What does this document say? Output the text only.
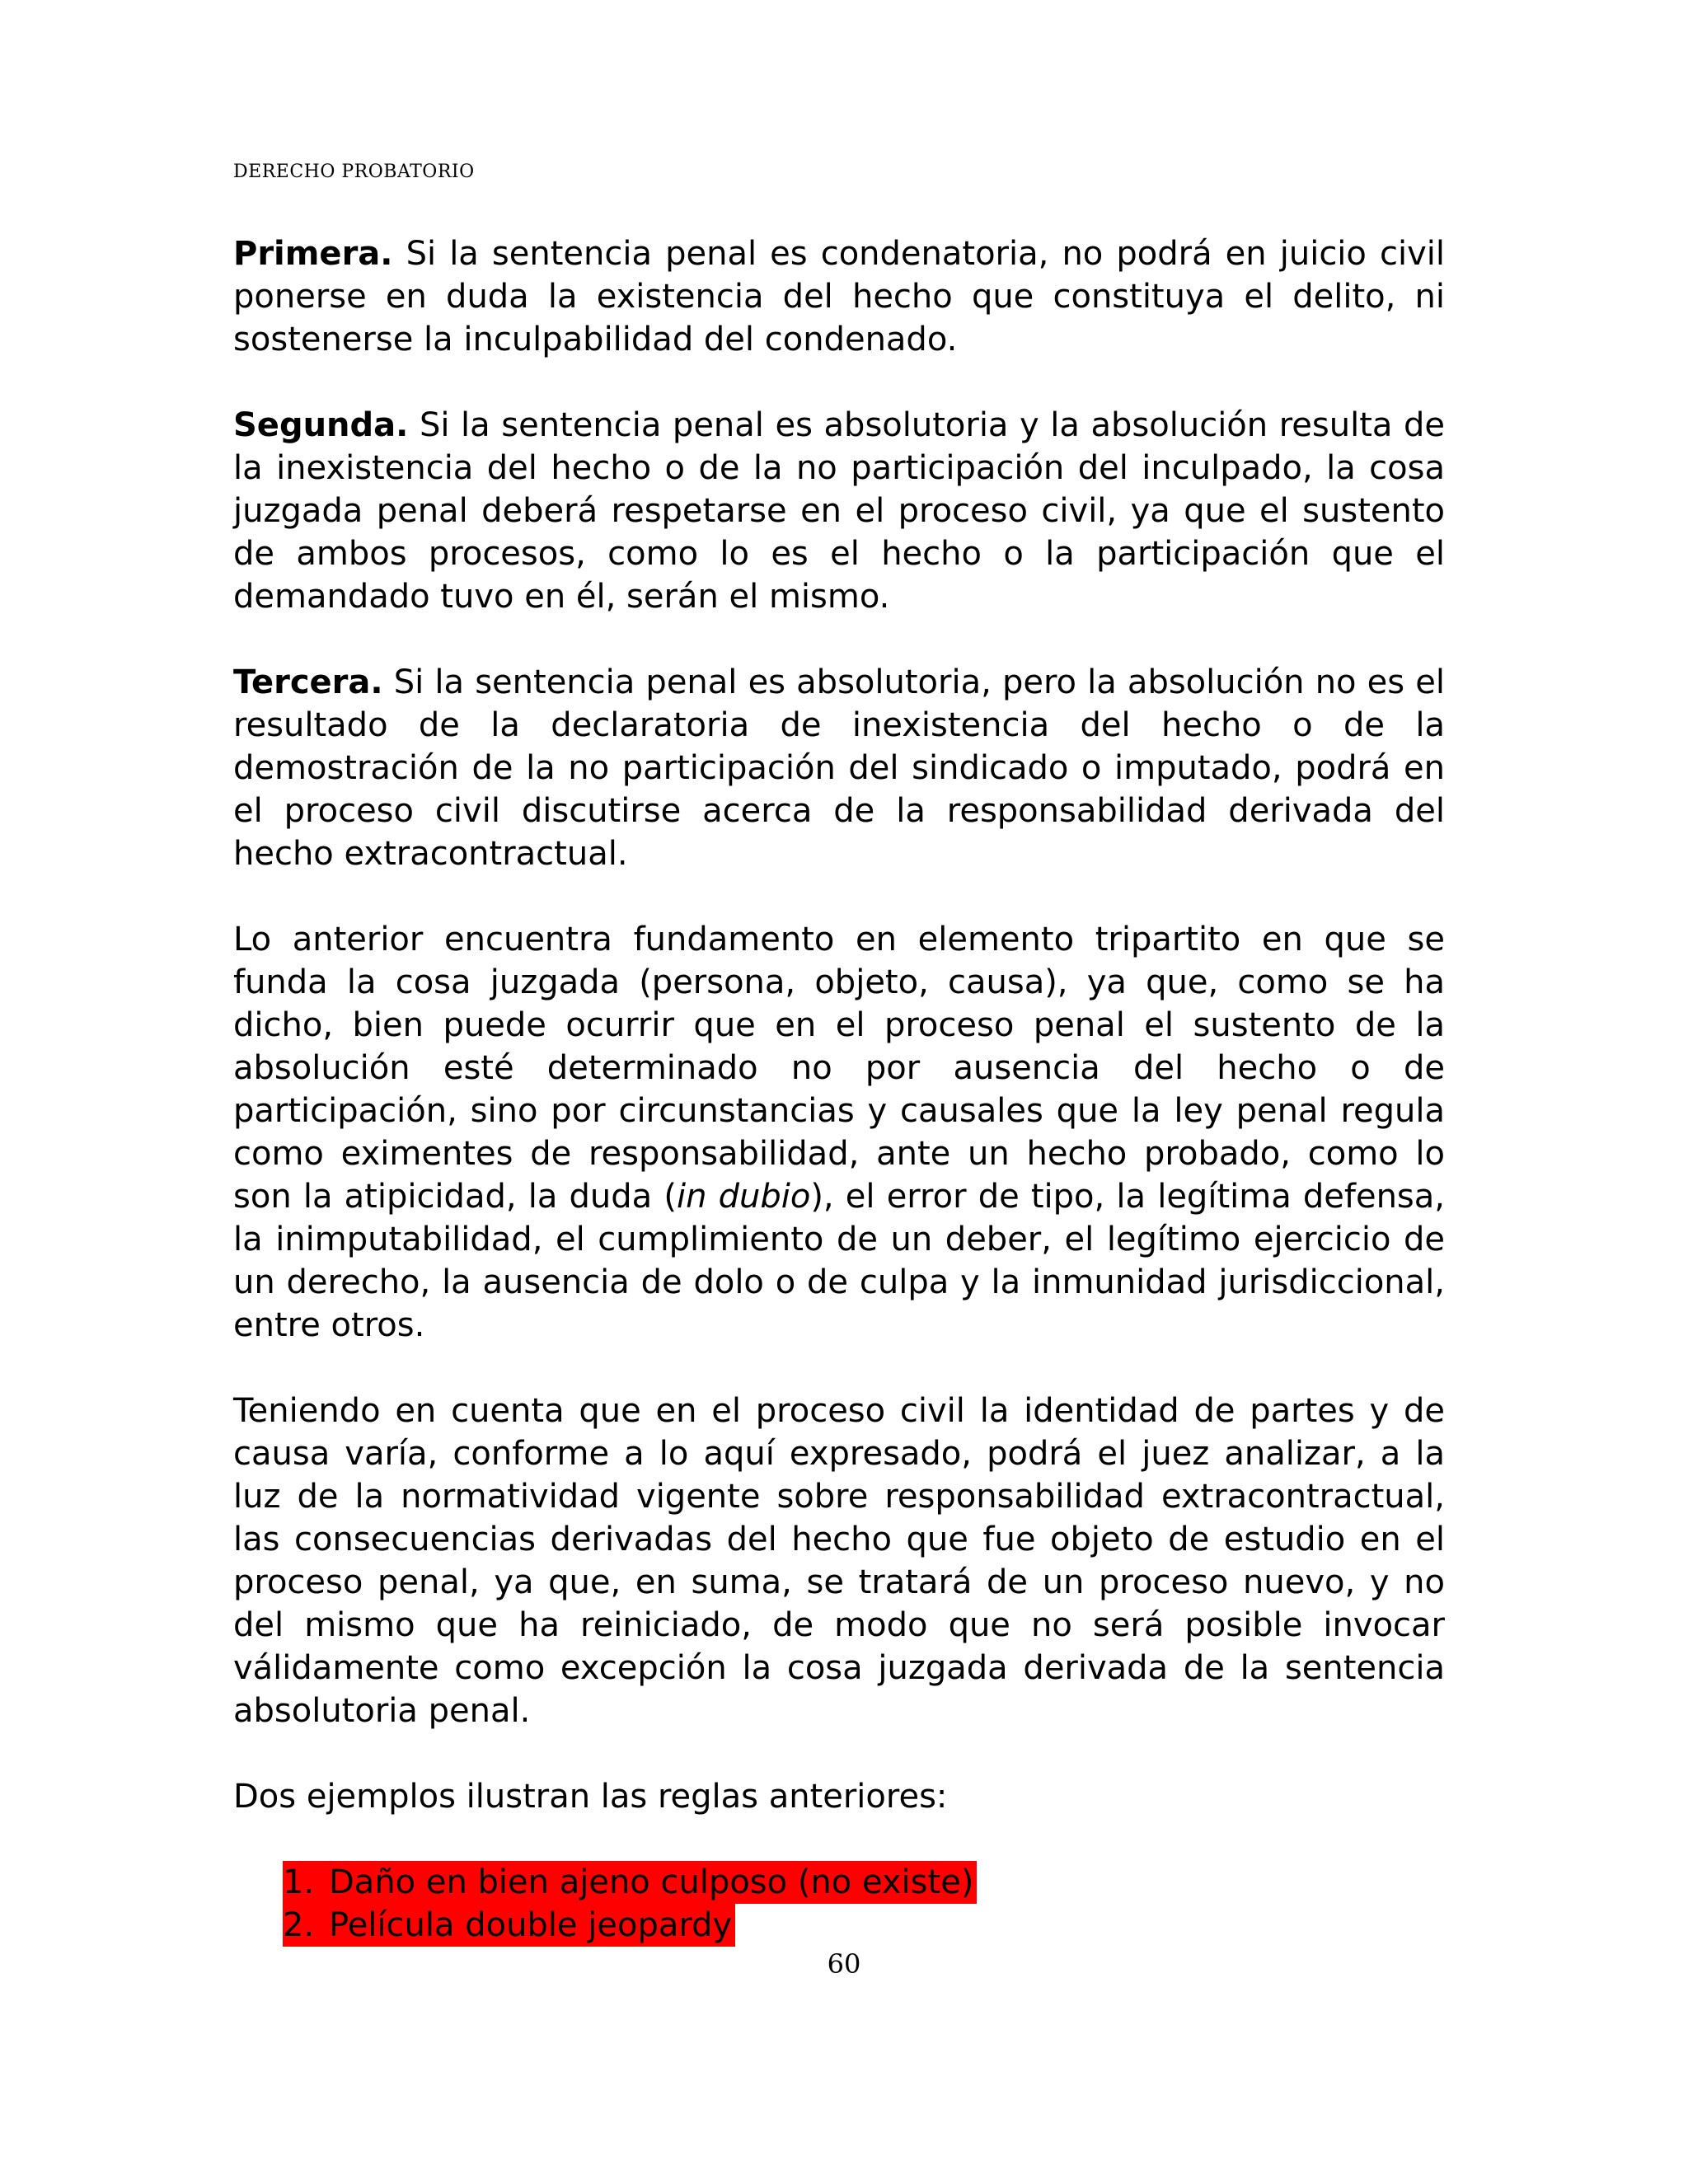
DERECHO PROBATORIO

Primera. Si la sentencia penal es condenatoria, no podrá en juicio civil ponerse en duda la existencia del hecho que constituya el delito, ni sostenerse la inculpabilidad del condenado.

Segunda. Si la sentencia penal es absolutoria y la absolución resulta de la inexistencia del hecho o de la no participación del inculpado, la cosa juzgada penal deberá respetarse en el proceso civil, ya que el sustento de ambos procesos, como lo es el hecho o la participación que el demandado tuvo en él, serán el mismo.

Tercera. Si la sentencia penal es absolutoria, pero la absolución no es el resultado de la declaratoria de inexistencia del hecho o de la demostración de la no participación del sindicado o imputado, podrá en el proceso civil discutirse acerca de la responsabilidad derivada del hecho extracontractual.

Lo anterior encuentra fundamento en elemento tripartito en que se funda la cosa juzgada (persona, objeto, causa), ya que, como se ha dicho, bien puede ocurrir que en el proceso penal el sustento de la absolución esté determinado no por ausencia del hecho o de participación, sino por circunstancias y causales que la ley penal regula como eximentes de responsabilidad, ante un hecho probado, como lo son la atipicidad, la duda (in dubio), el error de tipo, la legítima defensa, la inimputabilidad, el cumplimiento de un deber, el legítimo ejercicio de un derecho, la ausencia de dolo o de culpa y la inmunidad jurisdiccional, entre otros.

Teniendo en cuenta que en el proceso civil la identidad de partes y de causa varía, conforme a lo aquí expresado, podrá el juez analizar, a la luz de la normatividad vigente sobre responsabilidad extracontractual, las consecuencias derivadas del hecho que fue objeto de estudio en el proceso penal, ya que, en suma, se tratará de un proceso nuevo, y no del mismo que ha reiniciado, de modo que no será posible invocar válidamente como excepción la cosa juzgada derivada de la sentencia absolutoria penal.

Dos ejemplos ilustran las reglas anteriores:

1. Daño en bien ajeno culposo (no existe)
2. Película double jeopardy
60
